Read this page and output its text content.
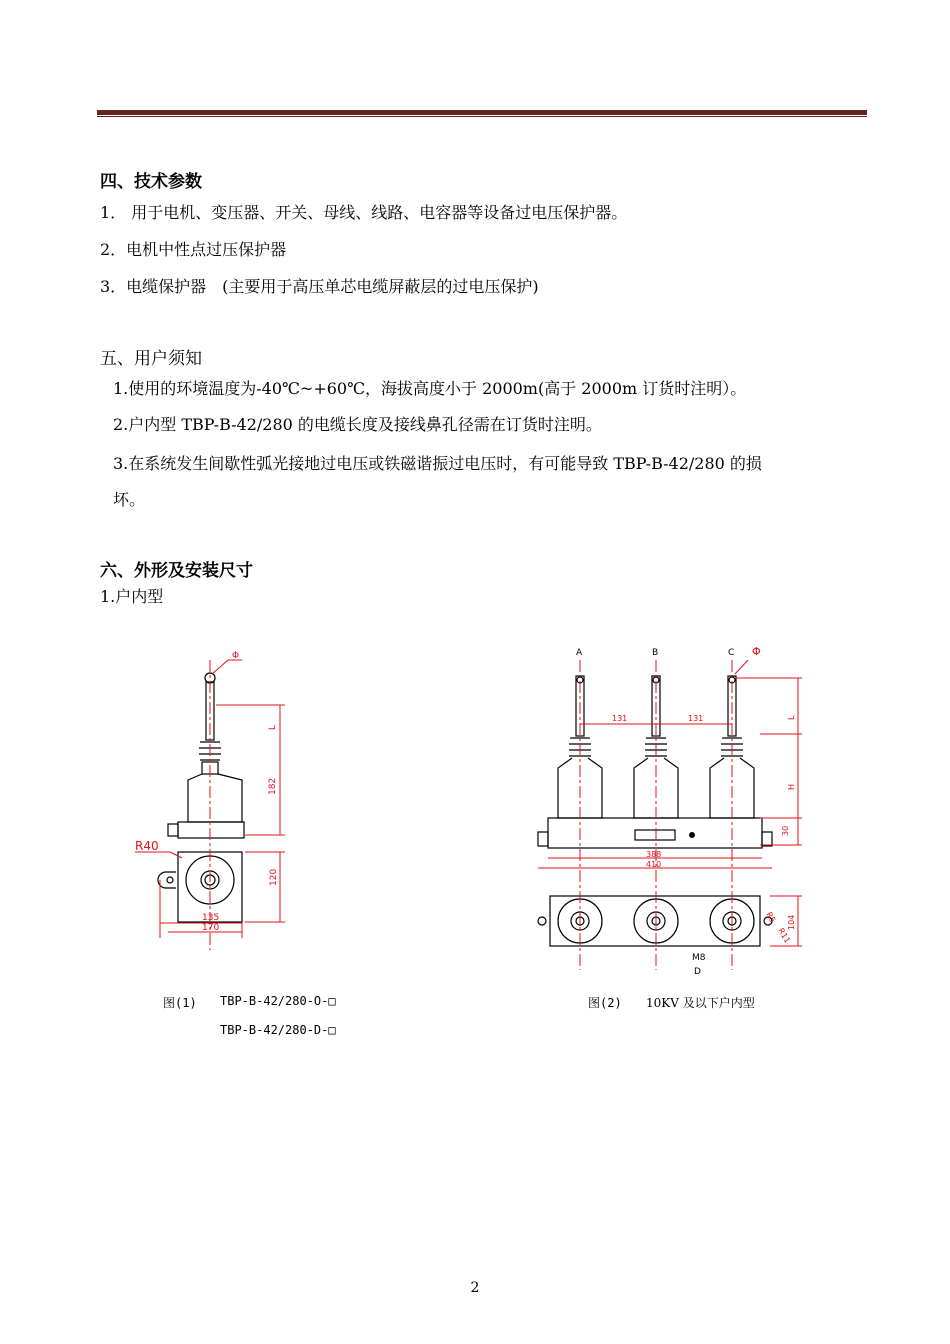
四、技术参数
1． 用于电机、变压器、开关、母线、线路、电容器等设备过电压保护器。
2．电机中性点过压保护器
3．电缆保护器　(主要用于高压单芯电缆屏蔽层的过电压保护)
五、用户须知
1.使用的环境温度为-40℃~+60℃，海拔高度小于 2000m(高于 2000m 订货时注明）。
2.户内型 TBP-B-42/280 的电缆长度及接线鼻孔径需在订货时注明。
3.在系统发生间歇性弧光接地过电压或铁磁谐振过电压时，有可能导致 TBP-B-42/280 的损
坏。
六、外形及安装尺寸
1.户内型
Φ
L
182
R40
120
135
170
A	B	C
M8
D
Φ
131	131	L
H
30
388
410
104
R5
R11
图(1) TBP-B-42/280-O-□
TBP-B-42/280-D-□
图(2) 10KV 及以下户内型
2
